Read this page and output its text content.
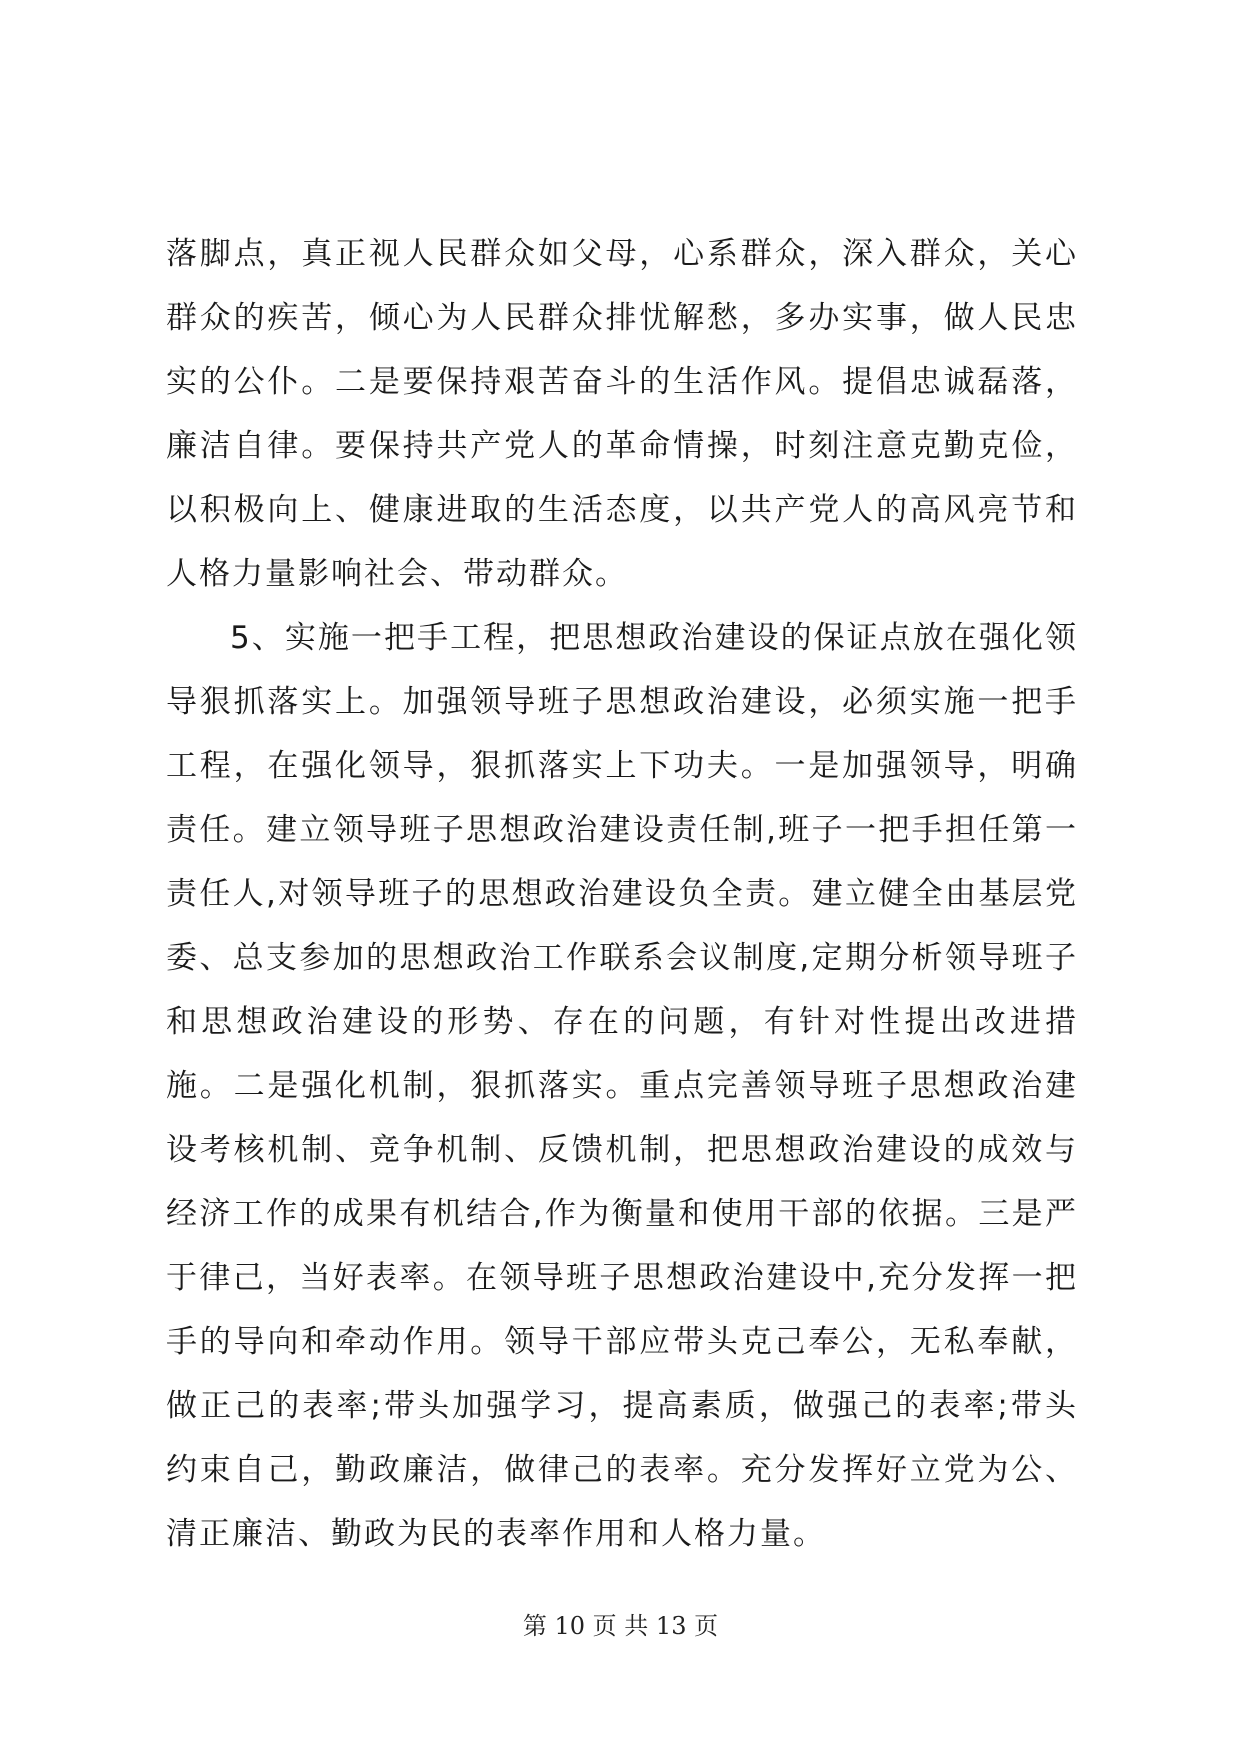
落脚点，真正视人民群众如父母，心系群众，深入群众，关心群众的疾苦，倾心为人民群众排忧解愁，多办实事，做人民忠实的公仆。二是要保持艰苦奋斗的生活作风。提倡忠诚磊落，廉洁自律。要保持共产党人的革命情操，时刻注意克勤克俭，以积极向上、健康进取的生活态度，以共产党人的高风亮节和人格力量影响社会、带动群众。

5、实施一把手工程，把思想政治建设的保证点放在强化领导狠抓落实上。加强领导班子思想政治建设，必须实施一把手工程，在强化领导，狠抓落实上下功夫。一是加强领导，明确责任。建立领导班子思想政治建设责任制,班子一把手担任第一责任人,对领导班子的思想政治建设负全责。建立健全由基层党委、总支参加的思想政治工作联系会议制度,定期分析领导班子和思想政治建设的形势、存在的问题，有针对性提出改进措施。二是强化机制，狠抓落实。重点完善领导班子思想政治建设考核机制、竞争机制、反馈机制，把思想政治建设的成效与经济工作的成果有机结合,作为衡量和使用干部的依据。三是严于律己，当好表率。在领导班子思想政治建设中,充分发挥一把手的导向和牵动作用。领导干部应带头克己奉公，无私奉献，做正己的表率;带头加强学习，提高素质，做强己的表率;带头约束自己，勤政廉洁，做律己的表率。充分发挥好立党为公、清正廉洁、勤政为民的表率作用和人格力量。

第 10 页 共 13 页
